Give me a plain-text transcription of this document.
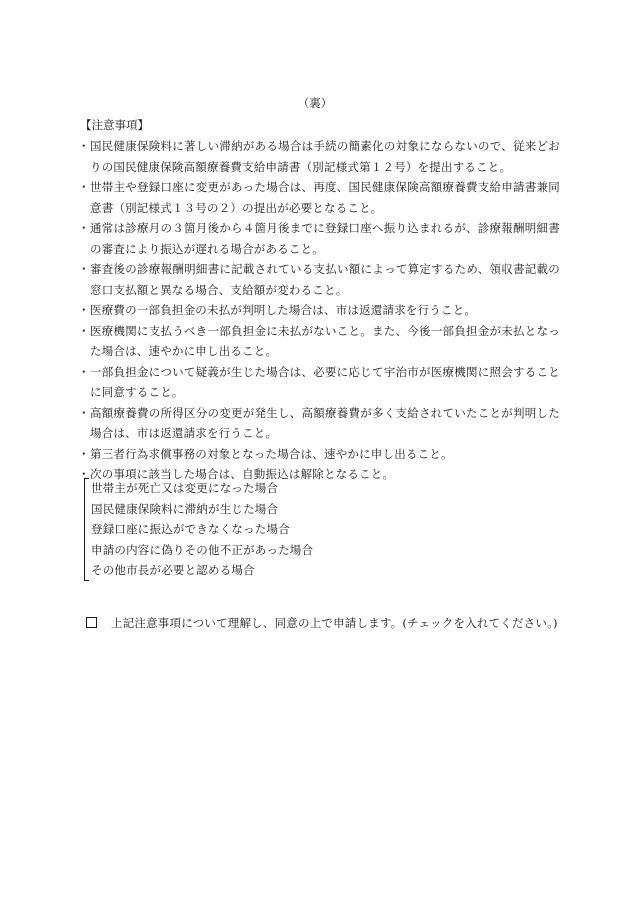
（裏）
【注意事項】
・ 国民健康保険料に著しい滞納がある場合は手続の簡素化の対象にならないので、従来どおりの国民健康保険高額療養費支給申請書（別記様式第１２号）を提出すること。
・ 世帯主や登録口座に変更があった場合は、再度、国民健康保険高額療養費支給申請書兼同意書（別記様式１３号の２）の提出が必要となること。
・ 通常は診療月の３箇月後から４箇月後までに登録口座へ振り込まれるが、診療報酬明細書の審査により振込が遅れる場合があること。
・ 審査後の診療報酬明細書に記載されている支払い額によって算定するため、領収書記載の窓口支払額と異なる場合、支給額が変わること。
・ 医療費の一部負担金の未払が判明した場合は、市は返還請求を行うこと。
・ 医療機関に支払うべき一部負担金に未払がないこと。また、今後一部負担金が未払となった場合は、速やかに申し出ること。
・ 一部負担金について疑義が生じた場合は、必要に応じて宇治市が医療機関に照会することに同意すること。
・ 高額療養費の所得区分の変更が発生し、高額療養費が多く支給されていたことが判明した場合は、市は返還請求を行うこと。
・ 第三者行為求償事務の対象となった場合は、速やかに申し出ること。
・ 次の事項に該当した場合は、自動振込は解除となること。
世帯主が死亡又は変更になった場合
国民健康保険料に滞納が生じた場合
登録口座に振込ができなくなった場合
申請の内容に偽りその他不正があった場合
その他市長が必要と認める場合
上記注意事項について理解し、同意の上で申請します。(チェックを入れてください。)
